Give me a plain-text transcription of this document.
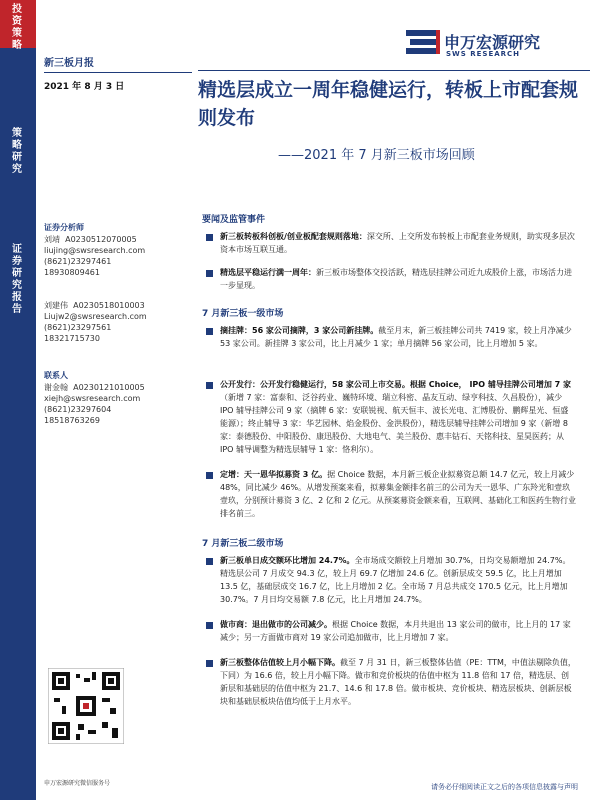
投资策略
策略研究
证券研究报告
新三板月报
2021 年 8 月 3 日
证券分析师
刘靖 A0230512070005
liujing@swsresearch.com
(8621)23297461
18930809461
刘建伟 A0230518010003
Liujw2@swsresearch.com
(8621)23297561
18321715730
联系人
谢金翰 A0230121010005
xiejh@swsresearch.com
(8621)23297604
18518763269
申万宏源研究微信服务号
申万宏源研究
SWS RESEARCH
精选层成立一周年稳健运行，转板上市配套规则发布
——2021 年 7 月新三板市场回顾
要闻及监管事件
新三板转板科创板/创业板配套规则落地：深交所、上交所发布转板上市配套业务规则，助实现多层次资本市场互联互通。
精选层平稳运行满一周年：新三板市场整体交投活跃，精选层挂牌公司近九成股价上涨，市场活力进一步显现。
7 月新三板一级市场
摘挂牌：56 家公司摘牌，3 家公司新挂牌。截至月末，新三板挂牌公司共 7419 家，较上月净减少 53 家公司。新挂牌 3 家公司，比上月减少 1 家；单月摘牌 56 家公司，比上月增加 5 家。
公开发行：公开发行稳健运行，58 家公司上市交易。根据 Choice， IPO 辅导挂牌公司增加 7 家（新增 7 家：富泰和、泛谷药业、巍特环境、瑞立科密、晶友互动、绿亨科技、久昌股份），减少 IPO 辅导挂牌公司 9 家（摘牌 6 家：安联锐视、航天恒丰、波长光电、汇博股份、鹏辉星光、恒盛能源）；终止辅导 3 家：华艺园林、焰金股份、金洪股份），精选层辅导挂牌公司增加 9 家（新增 8 家：泰德股份、中阳股份、康迅股份、大地电气、美兰股份、惠丰钻石、天铭科技、星昊医药；从 IPO 辅导调整为精选层辅导 1 家：恪利尔）。
定增：天一恩华拟募资 3 亿。据 Choice 数据，本月新三板企业拟募资总额 14.7 亿元，较上月减少 48%，同比减少 46%。从增发预案来看，拟募集金额排名前三的公司为天一恩华、广东羚光和壹玖壹玖，分别预计募资 3 亿、2 亿和 2 亿元。从预案募资金额来看，互联网、基础化工和医药生物行业排名前三。
7 月新三板二级市场
新三板单日成交额环比增加 24.7%。全市场成交额较上月增加 30.7%，日均交易额增加 24.7%。精选层公司 7 月成交 94.3 亿，较上月 69.7 亿增加 24.6 亿。创新层成交 59.5 亿，比上月增加 13.5 亿，基础层成交 16.7 亿，比上月增加 2 亿。全市场 7 月总共成交 170.5 亿元，比上月增加 30.7%。7 月日均交易额 7.8 亿元，比上月增加 24.7%。
做市商：退出做市的公司减少。根据 Choice 数据，本月共退出 13 家公司的做市，比上月的 17 家减少；另一方面做市商对 19 家公司追加做市，比上月增加 7 家。
新三板整体估值较上月小幅下降。截至 7 月 31 日，新三板整体估值（PE：TTM，中值法剔除负值，下同）为 16.6 倍，较上月小幅下降。做市和竞价板块的估值中枢为 11.8 倍和 17 倍，精选层、创新层和基础层的估值中枢为 21.7、14.6 和 17.8 倍。做市板块、竞价板块、精选层板块、创新层板块和基础层板块估值均低于上月水平。
请务必仔细阅读正文之后的各项信息披露与声明
